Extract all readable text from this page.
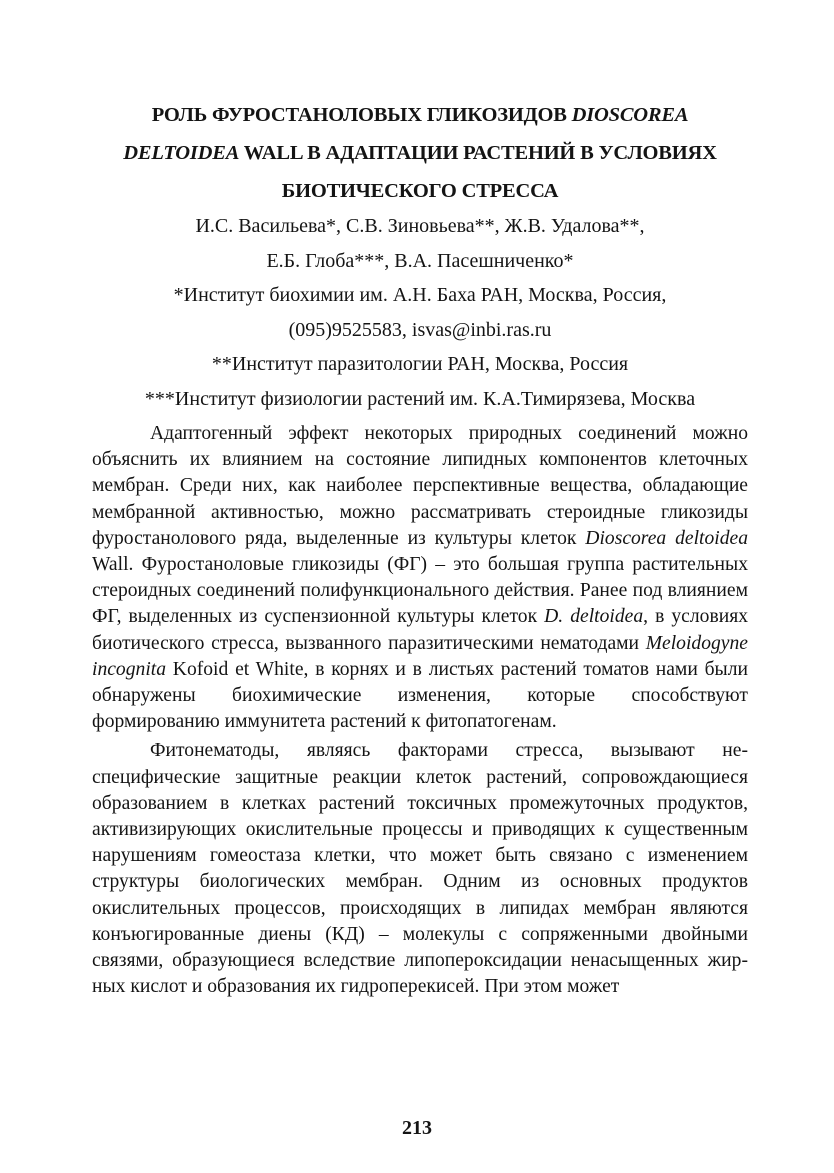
РОЛЬ ФУРОСТАНОЛОВЫХ ГЛИКОЗИДОВ DIOSCOREA
DELTOIDEA WALL В АДАПТАЦИИ РАСТЕНИЙ В УСЛОВИЯХ
БИОТИЧЕСКОГО СТРЕССА

И.С. Васильева*, С.В. Зиновьева**, Ж.В. Удалова**,
Е.Б. Глоба***, В.А. Пасешниченко*

*Институт биохимии им. А.Н. Баха РАН, Москва, Россия,
(095)9525583, isvas@inbi.ras.ru
**Институт паразитологии РАН, Москва, Россия
***Институт физиологии растений им. К.А.Тимирязева, Москва

Адаптогенный эффект некоторых природных соединений можно объяснить их влиянием на состояние липидных компонентов клеточных мембран. Среди них, как наиболее перспективные вещества, обладающие мембранной активностью, можно рассматривать стероидные гликозиды фуростанолового ряда, выделенные из культуры клеток Dioscorea deltoidea Wall. Фуростаноловые гликозиды (ФГ) – это большая группа растительных стероидных соединений полифункционального действия. Ранее под влиянием ФГ, выделенных из суспензионной культуры клеток D. deltoidea, в условиях биотического стресса, вызванного паразитическими нематодами Meloidogyne incognita Kofoid et White, в корнях и в листьях растений томатов нами были обнаружены биохимические изменения, которые способствуют формированию иммунитета растений к фитопатогенам.

Фитонематоды, являясь факторами стресса, вызывают неспецифические защитные реакции клеток растений, сопровождающиеся образованием в клетках растений токсичных промежуточных продуктов, активизирующих окислительные процессы и приводящих к существенным нарушениям гомеостаза клетки, что может быть связано с изменением структуры биологических мембран. Одним из основных продуктов окислительных процессов, происходящих в липидах мембран являются конъюгированные диены (КД) – молекулы с сопряженными двойными связями, образующиеся вследствие липопероксидации ненасыщенных жирных кислот и образования их гидроперекисей. При этом может

213
